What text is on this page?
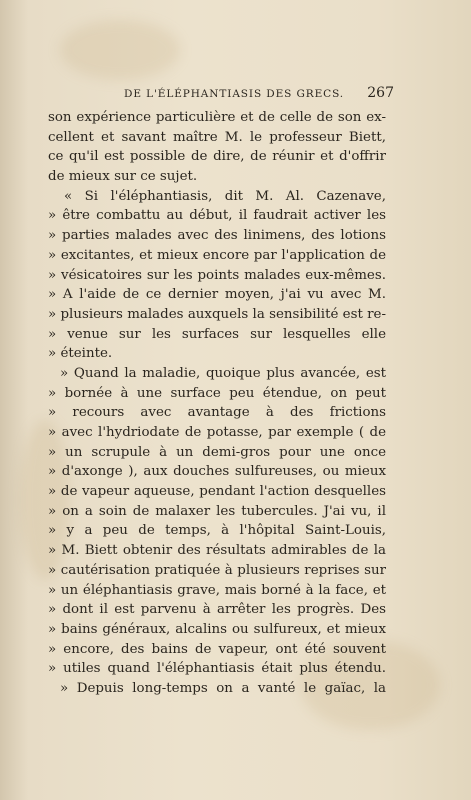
DE L'ÉLÉPHANTIASIS DES GRECS. 267
son expérience particulière et de celle de son ex-
cellent et savant maître M. le professeur Biett,
ce qu'il est possible de dire, de réunir et d'offrir
de mieux sur ce sujet.
« Si l'éléphantiasis, dit M. Al. Cazenave,
» être combattu au début, il faudrait activer les
» parties malades avec des linimens, des lotions
» excitantes, et mieux encore par l'application de
» vésicatoires sur les points malades eux-mêmes.
» A l'aide de ce dernier moyen, j'ai vu avec M.
» plusieurs malades auxquels la sensibilité est re-
» venue sur les surfaces sur lesquelles elle
» éteinte.
» Quand la maladie, quoique plus avancée, est
» bornée à une surface peu étendue, on peut
» recours avec avantage à des frictions
» avec l'hydriodate de potasse, par exemple ( de
» un scrupule à un demi-gros pour une once
» d'axonge ), aux douches sulfureuses, ou mieux
» de vapeur aqueuse, pendant l'action desquelles
» on a soin de malaxer les tubercules. J'ai vu, il
» y a peu de temps, à l'hôpital Saint-Louis,
» M. Biett obtenir des résultats admirables de la
» cautérisation pratiquée à plusieurs reprises sur
» un éléphantiasis grave, mais borné à la face, et
» dont il est parvenu à arrêter les progrès. Des
» bains généraux, alcalins ou sulfureux, et mieux
» encore, des bains de vapeur, ont été souvent
» utiles quand l'éléphantiasis était plus étendu.
» Depuis long-temps on a vanté le gaïac, la
